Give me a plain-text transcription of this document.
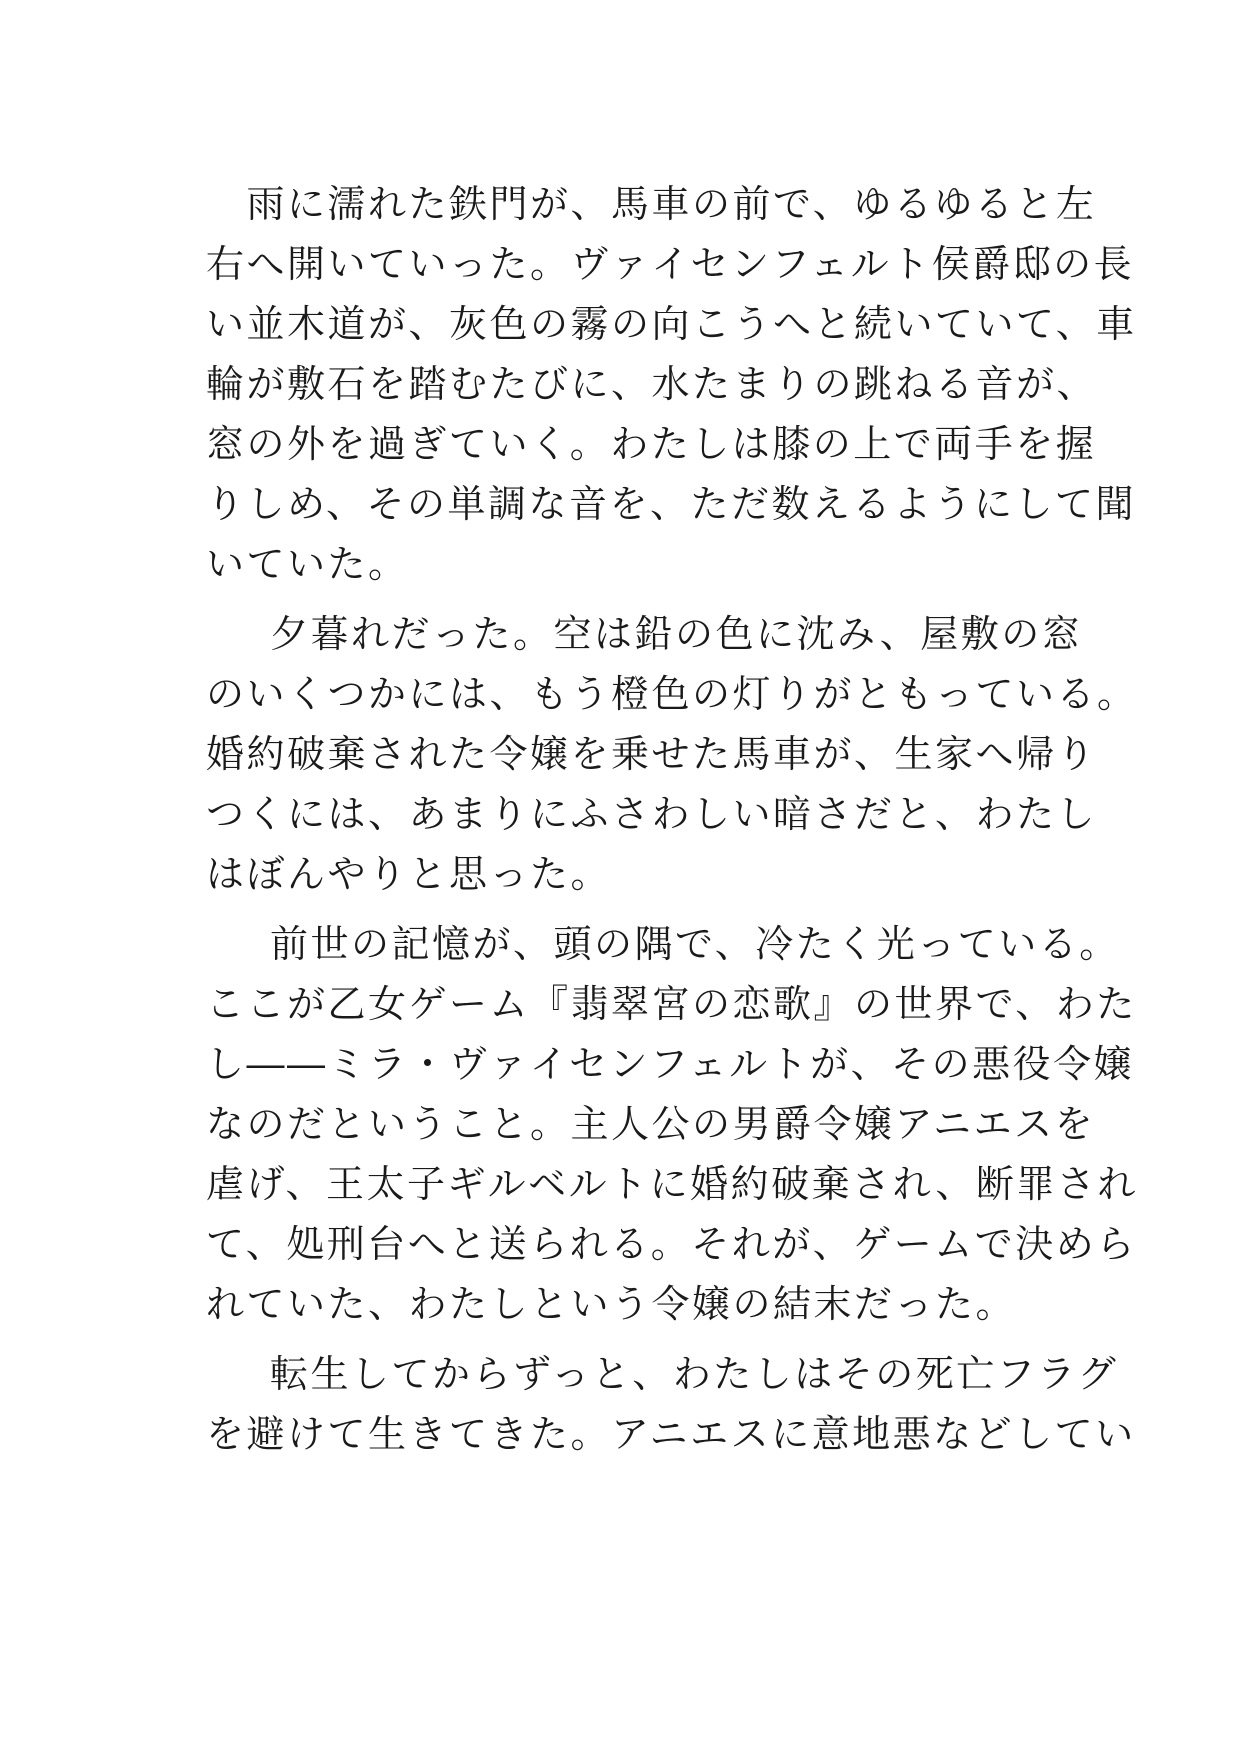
　雨に濡れた鉄門が、馬車の前で、ゆるゆると左
右へ開いていった。ヴァイセンフェルト侯爵邸の長
い並木道が、灰色の霧の向こうへと続いていて、車
輪が敷石を踏むたびに、水たまりの跳ねる音が、
窓の外を過ぎていく。わたしは膝の上で両手を握
りしめ、その単調な音を、ただ数えるようにして聞
いていた。
夕暮れだった。空は鉛の色に沈み、屋敷の窓
のいくつかには、もう橙色の灯りがともっている。
婚約破棄された令嬢を乗せた馬車が、生家へ帰り
つくには、あまりにふさわしい暗さだと、わたし
はぼんやりと思った。
前世の記憶が、頭の隅で、冷たく光っている。
ここが乙女ゲーム『翡翠宮の恋歌』の世界で、わた
し――ミラ・ヴァイセンフェルトが、その悪役令嬢
なのだということ。主人公の男爵令嬢アニエスを
虐げ、王太子ギルベルトに婚約破棄され、断罪され
て、処刑台へと送られる。それが、ゲームで決めら
れていた、わたしという令嬢の結末だった。
転生してからずっと、わたしはその死亡フラグ
を避けて生きてきた。アニエスに意地悪などしてい
